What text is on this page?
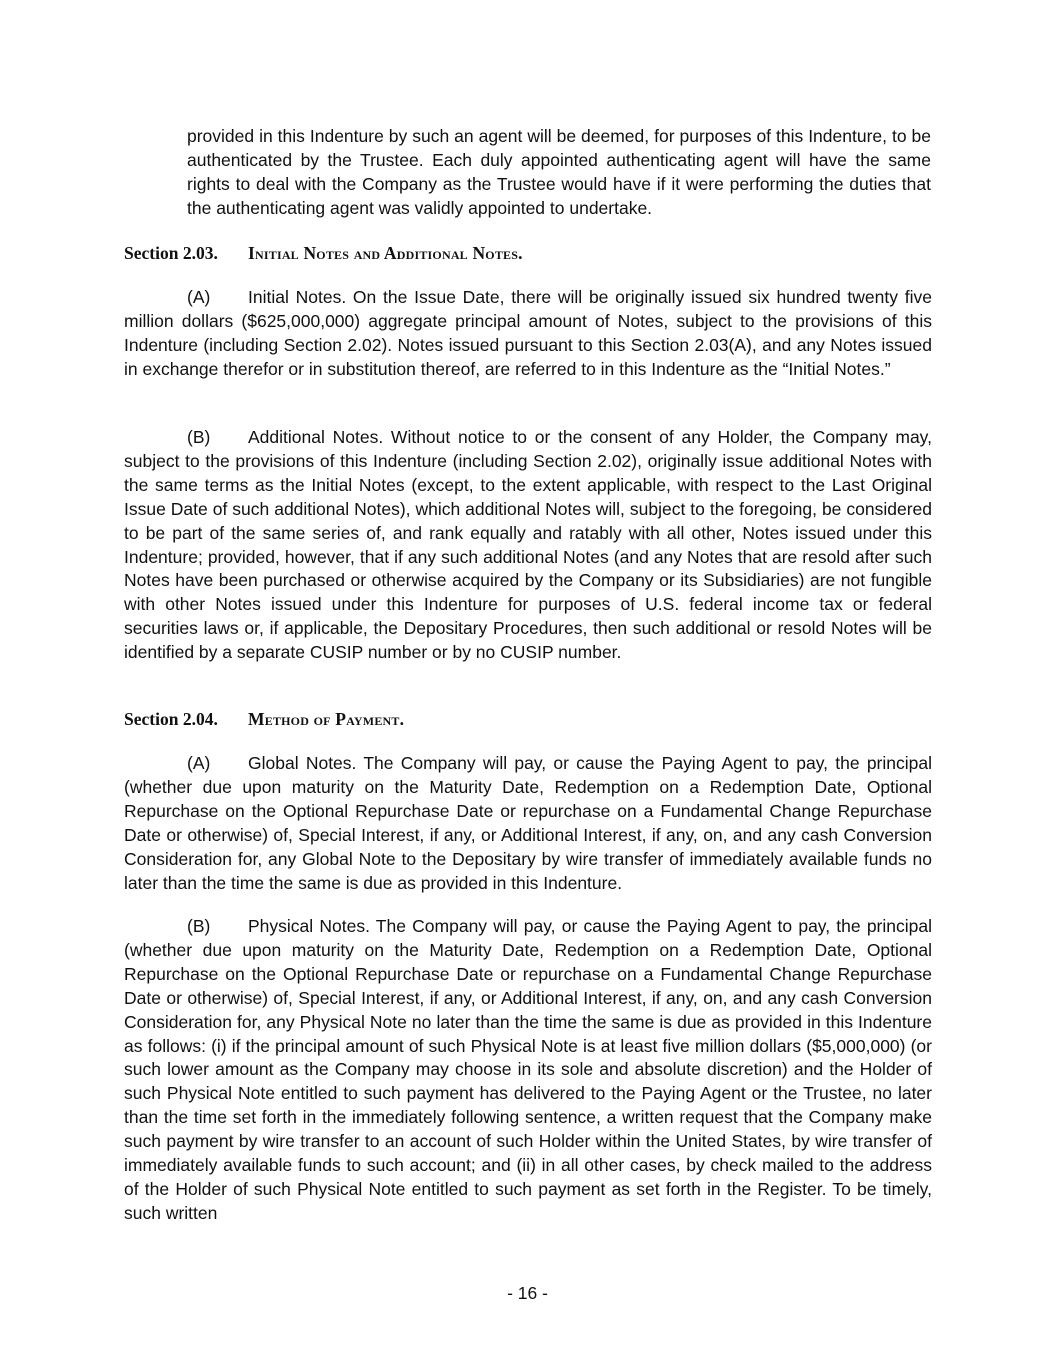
provided in this Indenture by such an agent will be deemed, for purposes of this Indenture, to be authenticated by the Trustee. Each duly appointed authenticating agent will have the same rights to deal with the Company as the Trustee would have if it were performing the duties that the authenticating agent was validly appointed to undertake.

Section 2.03. Initial Notes and Additional Notes.

(A) Initial Notes. On the Issue Date, there will be originally issued six hundred twenty five million dollars ($625,000,000) aggregate principal amount of Notes, subject to the provisions of this Indenture (including Section 2.02). Notes issued pursuant to this Section 2.03(A), and any Notes issued in exchange therefor or in substitution thereof, are referred to in this Indenture as the “Initial Notes.”

(B) Additional Notes. Without notice to or the consent of any Holder, the Company may, subject to the provisions of this Indenture (including Section 2.02), originally issue additional Notes with the same terms as the Initial Notes (except, to the extent applicable, with respect to the Last Original Issue Date of such additional Notes), which additional Notes will, subject to the foregoing, be considered to be part of the same series of, and rank equally and ratably with all other, Notes issued under this Indenture; provided, however, that if any such additional Notes (and any Notes that are resold after such Notes have been purchased or otherwise acquired by the Company or its Subsidiaries) are not fungible with other Notes issued under this Indenture for purposes of U.S. federal income tax or federal securities laws or, if applicable, the Depositary Procedures, then such additional or resold Notes will be identified by a separate CUSIP number or by no CUSIP number.

Section 2.04. Method of Payment.

(A) Global Notes. The Company will pay, or cause the Paying Agent to pay, the principal (whether due upon maturity on the Maturity Date, Redemption on a Redemption Date, Optional Repurchase on the Optional Repurchase Date or repurchase on a Fundamental Change Repurchase Date or otherwise) of, Special Interest, if any, or Additional Interest, if any, on, and any cash Conversion Consideration for, any Global Note to the Depositary by wire transfer of immediately available funds no later than the time the same is due as provided in this Indenture.

(B) Physical Notes. The Company will pay, or cause the Paying Agent to pay, the principal (whether due upon maturity on the Maturity Date, Redemption on a Redemption Date, Optional Repurchase on the Optional Repurchase Date or repurchase on a Fundamental Change Repurchase Date or otherwise) of, Special Interest, if any, or Additional Interest, if any, on, and any cash Conversion Consideration for, any Physical Note no later than the time the same is due as provided in this Indenture as follows: (i) if the principal amount of such Physical Note is at least five million dollars ($5,000,000) (or such lower amount as the Company may choose in its sole and absolute discretion) and the Holder of such Physical Note entitled to such payment has delivered to the Paying Agent or the Trustee, no later than the time set forth in the immediately following sentence, a written request that the Company make such payment by wire transfer to an account of such Holder within the United States, by wire transfer of immediately available funds to such account; and (ii) in all other cases, by check mailed to the address of the Holder of such Physical Note entitled to such payment as set forth in the Register. To be timely, such written

- 16 -
